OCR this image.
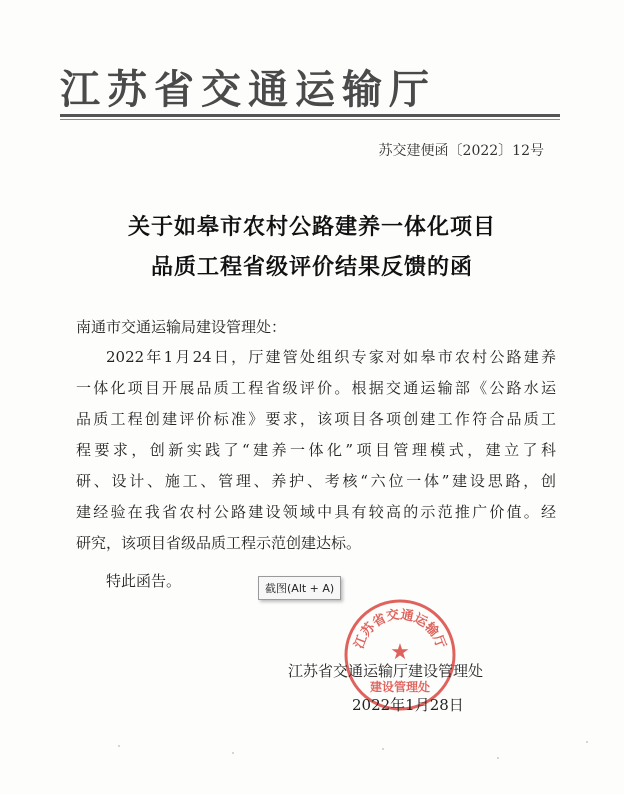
江苏省交通运输厅
苏交建便函〔2022〕12号
关于如皋市农村公路建养一体化项目
品质工程省级评价结果反馈的函
南通市交通运输局建设管理处：
2022年1月24日，厅建管处组织专家对如皋市农村公路建养
一体化项目开展品质工程省级评价。根据交通运输部《公路水运
品质工程创建评价标准》要求，该项目各项创建工作符合品质工
程要求，创新实践了“建养一体化”项目管理模式，建立了科
研、设计、施工、管理、养护、考核“六位一体”建设思路，创
建经验在我省农村公路建设领域中具有较高的示范推广价值。经
研究，该项目省级品质工程示范创建达标。
特此函告。
江苏省交通运输厅
★
建设管理处
江苏省交通运输厅建设管理处
2022年1月28日
截图(Alt + A)
